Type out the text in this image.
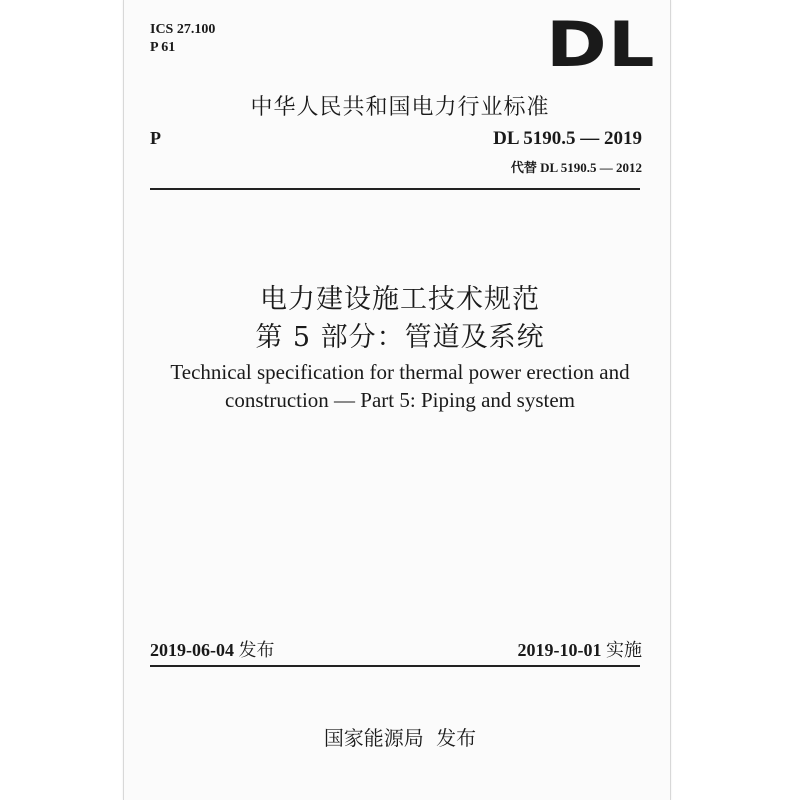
ICS 27.100
P 61	DL
中华人民共和国电力行业标准
P	DL 5190.5 — 2019
代替 DL 5190.5 — 2012
电力建设施工技术规范
第 5 部分：管道及系统
Technical specification for thermal power erection and
construction — Part 5: Piping and system
2019-06-04 发布	2019-10-01 实施
国家能源局 发布
